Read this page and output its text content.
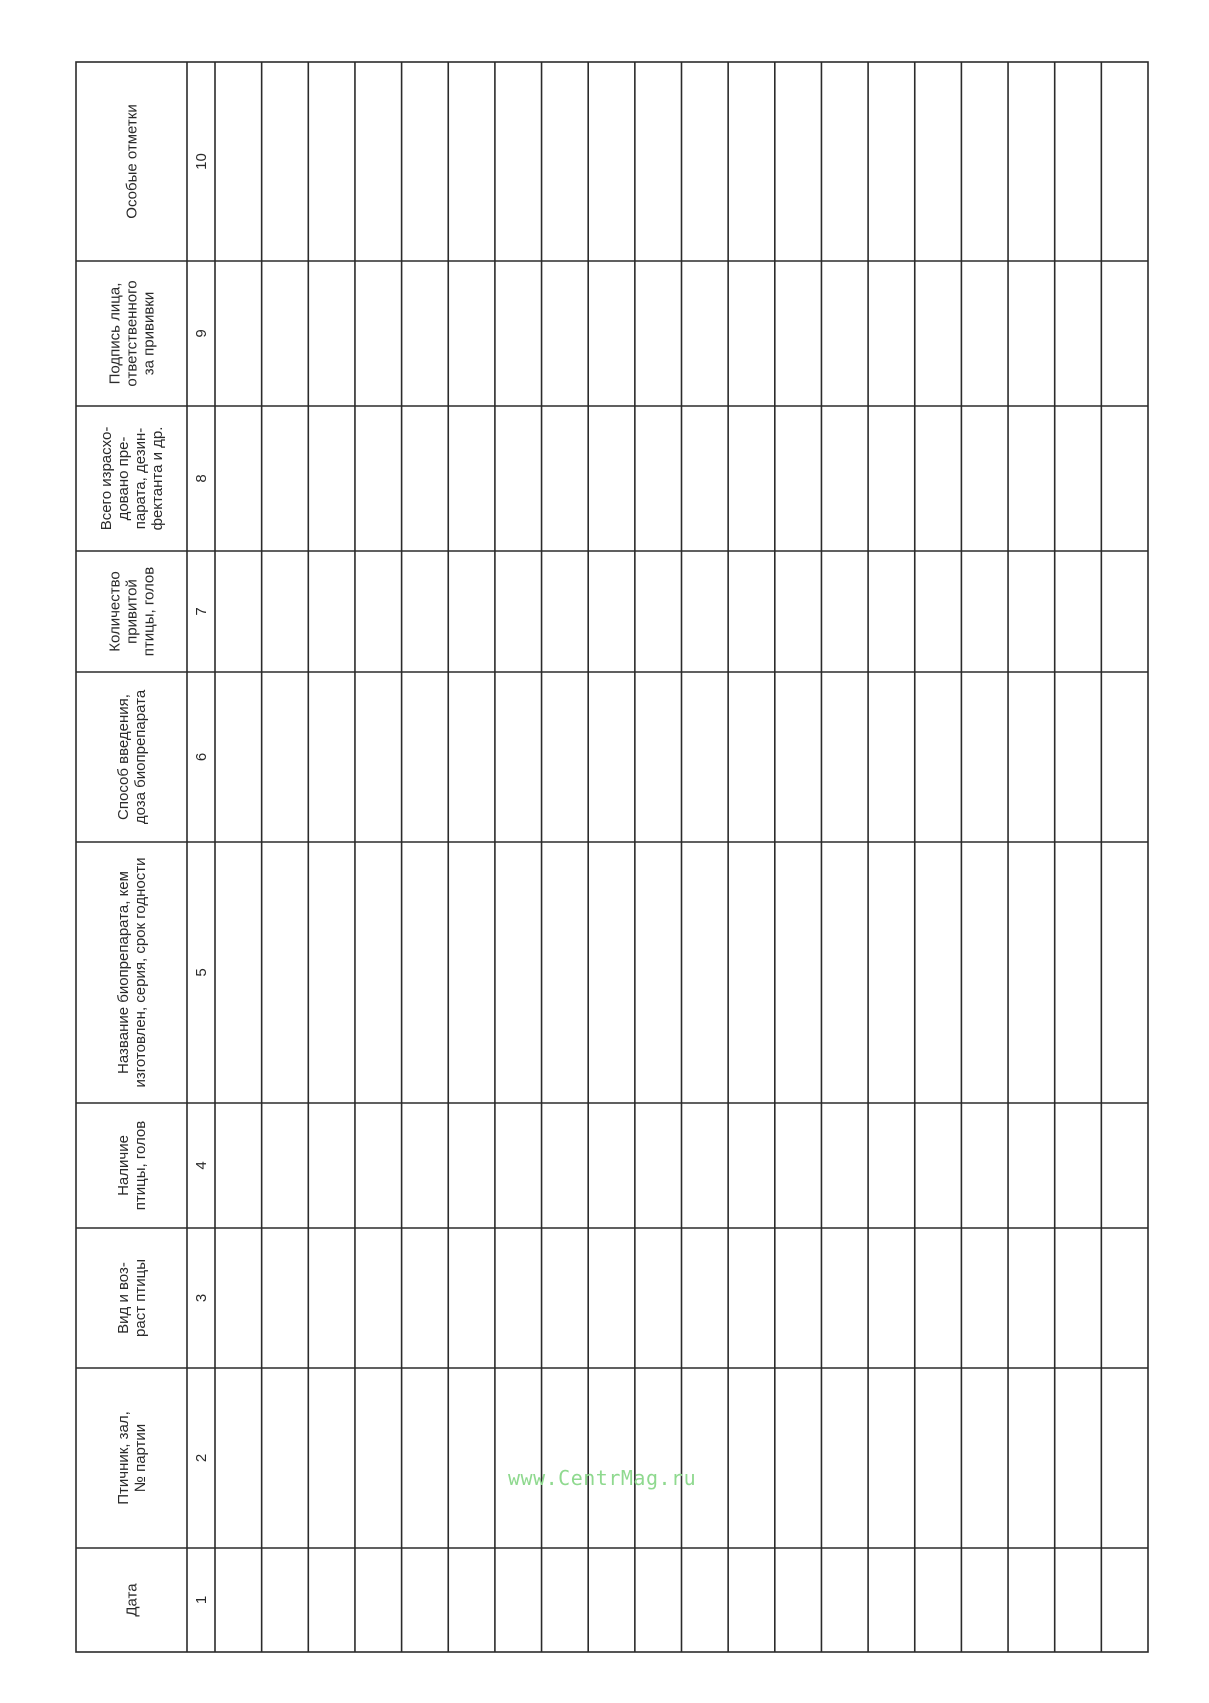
Дата	1
Птичник, зал, № партии	2
Вид и воз- раст птицы	3
Наличие птицы, голов	4
Название биопрепарата, кем изготовлен, серия, срок годности	5
Способ введения, доза биопрепарата	6
Количество привитой птицы, голов 7
Всего израсхо- довано пре- парата, дезин- фектанта и др. 8
Подпись лица, ответственного за прививки 9
Особые отметки	10
www.CentrMag.ru
